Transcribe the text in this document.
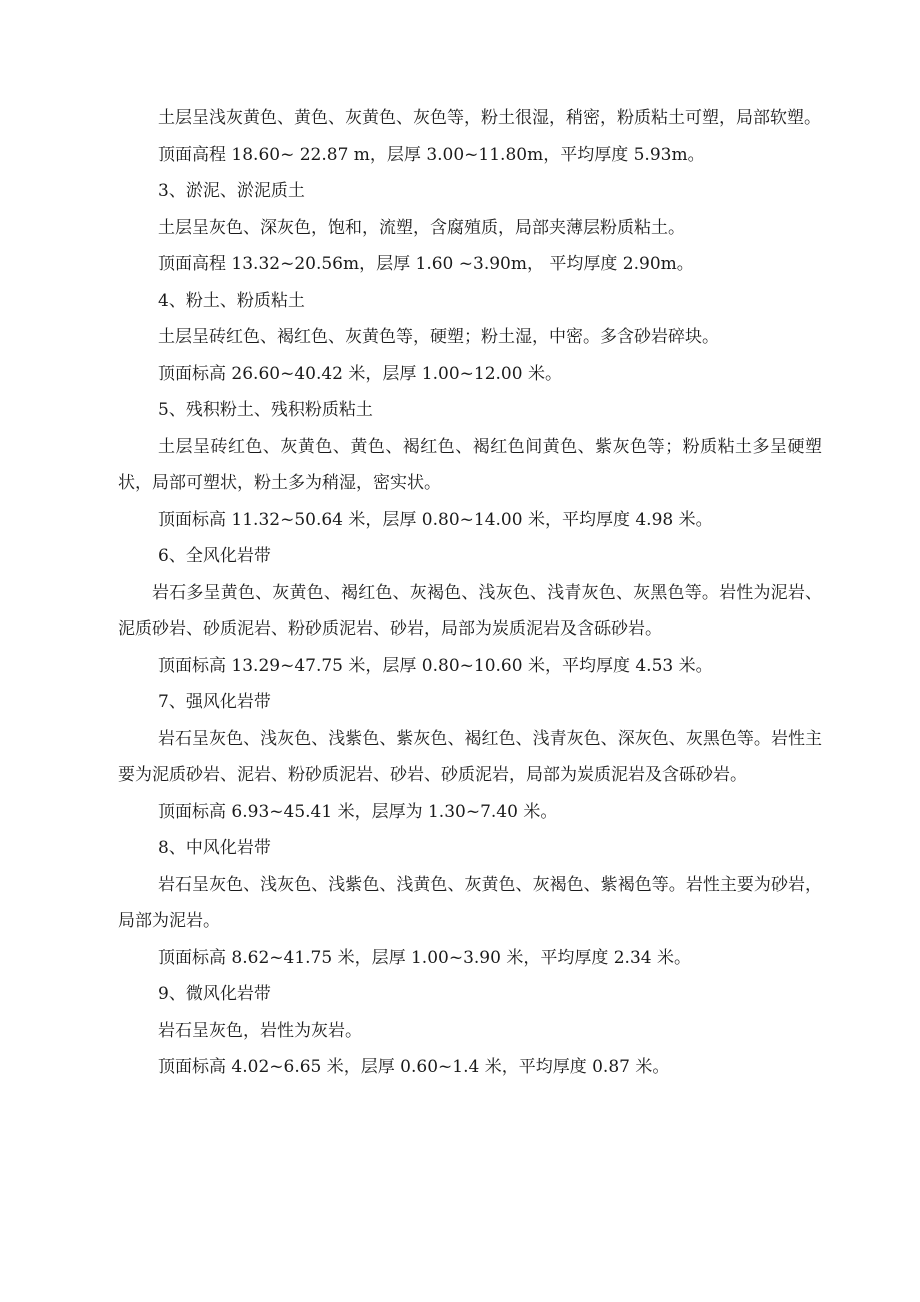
土层呈浅灰黄色、黄色、灰黄色、灰色等，粉土很湿，稍密，粉质粘土可塑，局部软塑。

顶面高程 18.60~ 22.87 m，层厚 3.00~11.80m，平均厚度 5.93m。

3、淤泥、淤泥质土

土层呈灰色、深灰色，饱和，流塑，含腐殖质，局部夹薄层粉质粘土。

顶面高程 13.32~20.56m，层厚 1.60 ~3.90m， 平均厚度 2.90m。

4、粉土、粉质粘土

土层呈砖红色、褐红色、灰黄色等，硬塑；粉土湿，中密。多含砂岩碎块。

顶面标高 26.60~40.42 米，层厚 1.00~12.00 米。

5、残积粉土、残积粉质粘土

土层呈砖红色、灰黄色、黄色、褐红色、褐红色间黄色、紫灰色等；粉质粘土多呈硬塑状，局部可塑状，粉土多为稍湿，密实状。

顶面标高 11.32~50.64 米，层厚 0.80~14.00 米，平均厚度 4.98 米。

6、全风化岩带

岩石多呈黄色、灰黄色、褐红色、灰褐色、浅灰色、浅青灰色、灰黑色等。岩性为泥岩、泥质砂岩、砂质泥岩、粉砂质泥岩、砂岩，局部为炭质泥岩及含砾砂岩。

顶面标高 13.29~47.75 米，层厚 0.80~10.60 米，平均厚度 4.53 米。

7、强风化岩带

岩石呈灰色、浅灰色、浅紫色、紫灰色、褐红色、浅青灰色、深灰色、灰黑色等。岩性主要为泥质砂岩、泥岩、粉砂质泥岩、砂岩、砂质泥岩，局部为炭质泥岩及含砾砂岩。

顶面标高 6.93~45.41 米，层厚为 1.30~7.40 米。

8、中风化岩带

岩石呈灰色、浅灰色、浅紫色、浅黄色、灰黄色、灰褐色、紫褐色等。岩性主要为砂岩，局部为泥岩。

顶面标高 8.62~41.75 米，层厚 1.00~3.90 米，平均厚度 2.34 米。

9、微风化岩带

岩石呈灰色，岩性为灰岩。

顶面标高 4.02~6.65 米，层厚 0.60~1.4 米，平均厚度 0.87 米。
